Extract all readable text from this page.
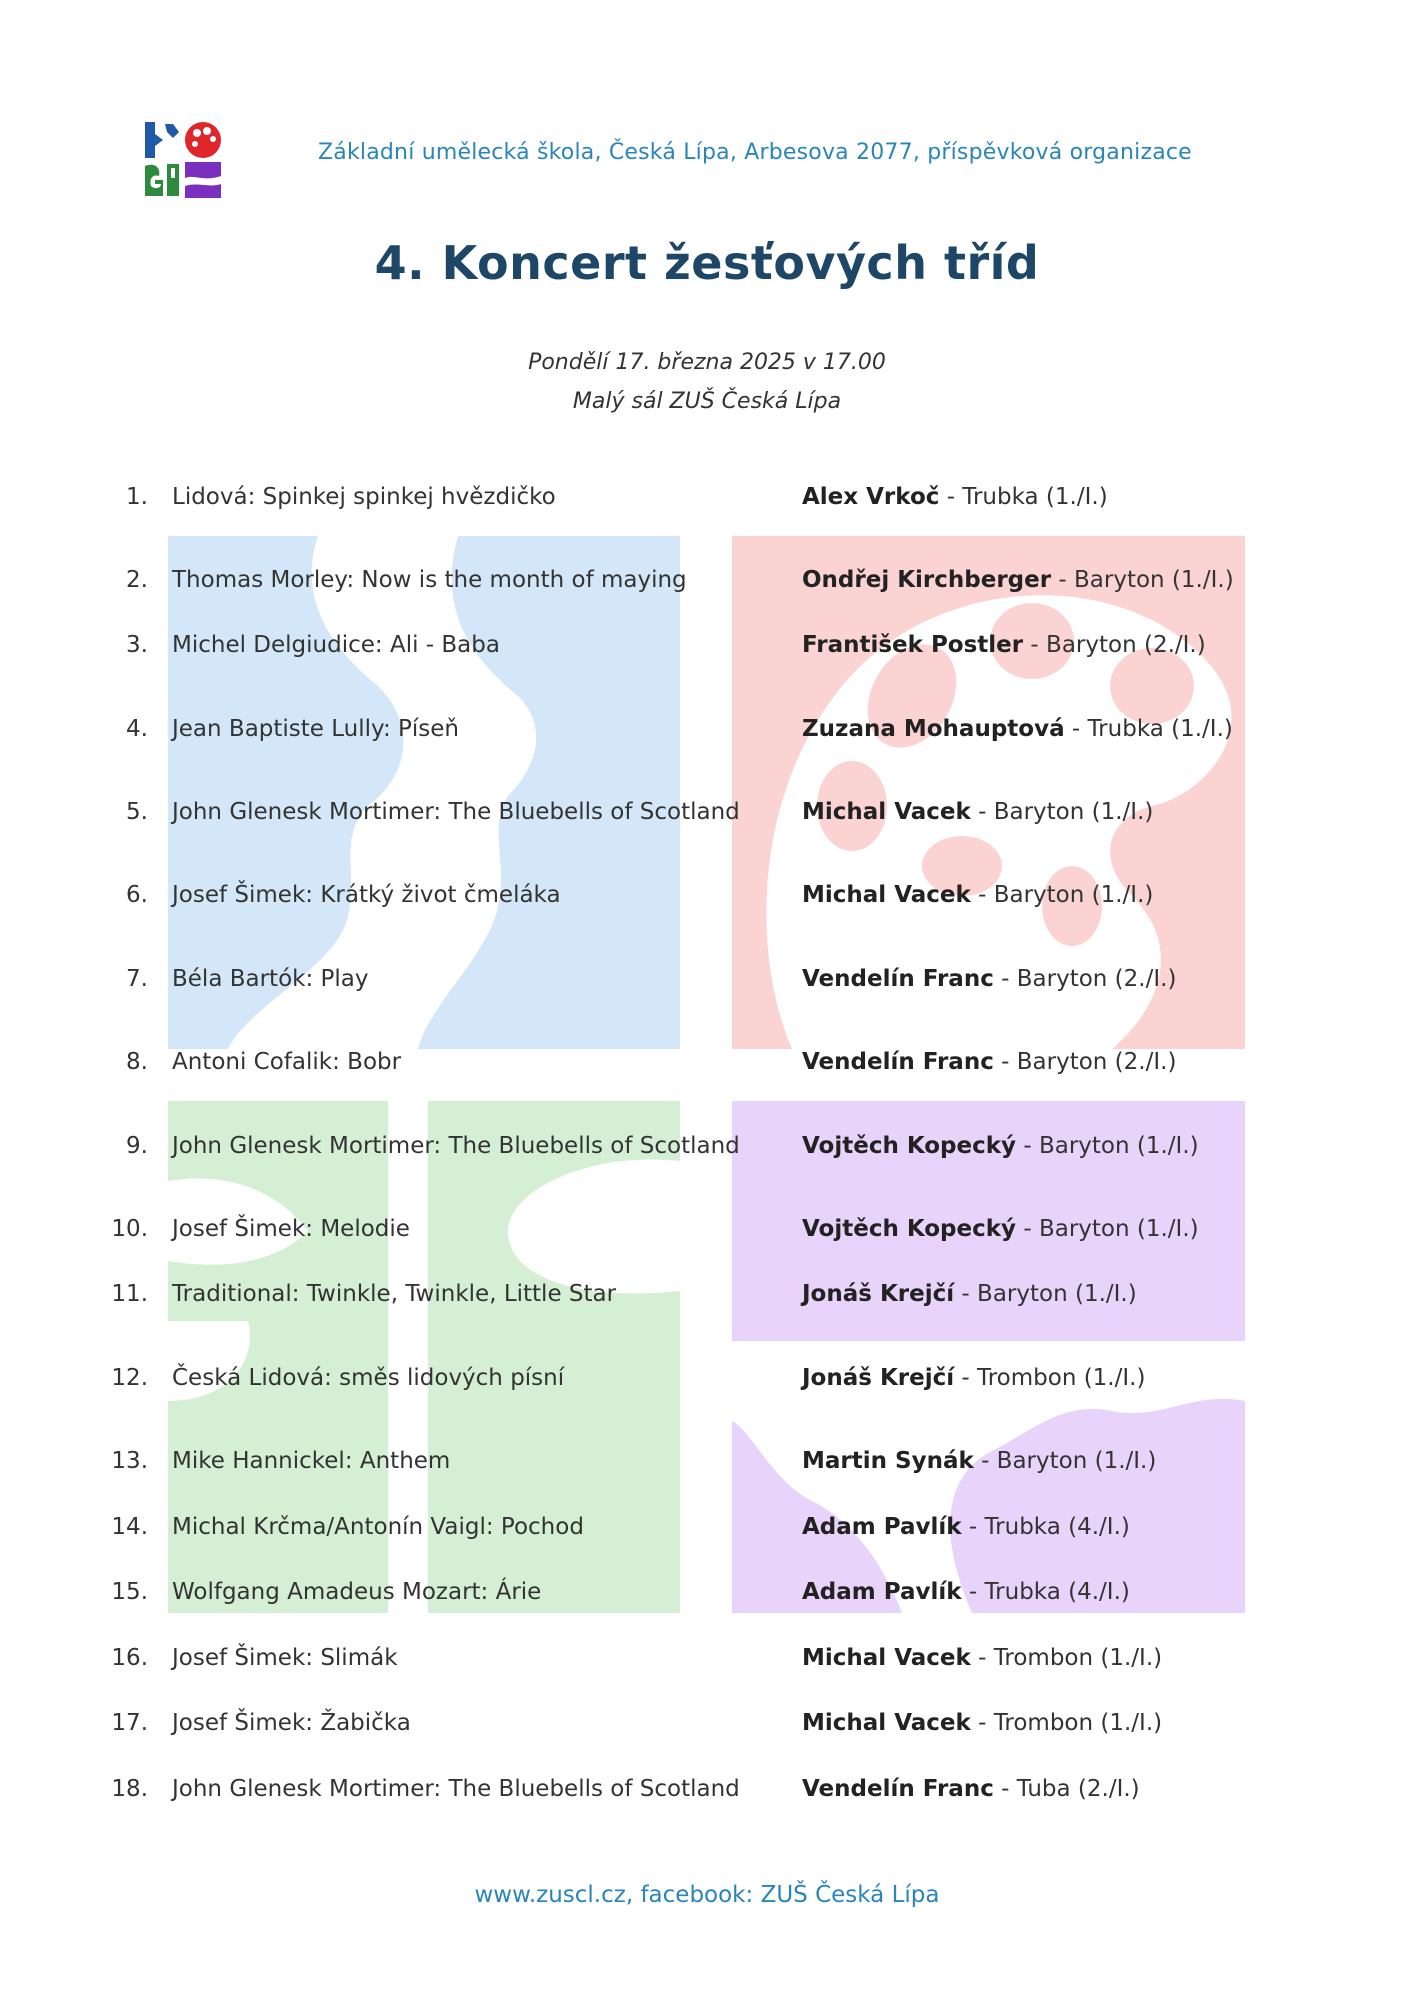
Základní umělecká škola, Česká Lípa, Arbesova 2077, příspěvková organizace
4. Koncert žesťových tříd
Pondělí 17. března 2025 v 17.00
Malý sál ZUŠ Česká Lípa
1. Lidová: Spinkej spinkej hvězdičko	Alex Vrkoč - Trubka (1./I.)
2. Thomas Morley: Now is the month of maying	Ondřej Kirchberger - Baryton (1./I.)
3. Michel Delgiudice: Ali - Baba	František Postler - Baryton (2./I.)
4. Jean Baptiste Lully: Píseň	Zuzana Mohauptová - Trubka (1./I.)
5. John Glenesk Mortimer: The Bluebells of Scotland	Michal Vacek - Baryton (1./I.)
6. Josef Šimek: Krátký život čmeláka	Michal Vacek - Baryton (1./I.)
7. Béla Bartók: Play	Vendelín Franc - Baryton (2./I.)
8. Antoni Cofalik: Bobr	Vendelín Franc - Baryton (2./I.)
9. John Glenesk Mortimer: The Bluebells of Scotland	Vojtěch Kopecký - Baryton (1./I.)
10. Josef Šimek: Melodie	Vojtěch Kopecký - Baryton (1./I.)
11. Traditional: Twinkle, Twinkle, Little Star	Jonáš Krejčí - Baryton (1./I.)
12. Česká Lidová: směs lidových písní	Jonáš Krejčí - Trombon (1./I.)
13. Mike Hannickel: Anthem	Martin Synák - Baryton (1./I.)
14. Michal Krčma/Antonín Vaigl: Pochod	Adam Pavlík - Trubka (4./I.)
15. Wolfgang Amadeus Mozart: Árie	Adam Pavlík - Trubka (4./I.)
16. Josef Šimek: Slimák	Michal Vacek - Trombon (1./I.)
17. Josef Šimek: Žabička	Michal Vacek - Trombon (1./I.)
18. John Glenesk Mortimer: The Bluebells of Scotland	Vendelín Franc - Tuba (2./I.)
www.zuscl.cz, facebook: ZUŠ Česká Lípa
